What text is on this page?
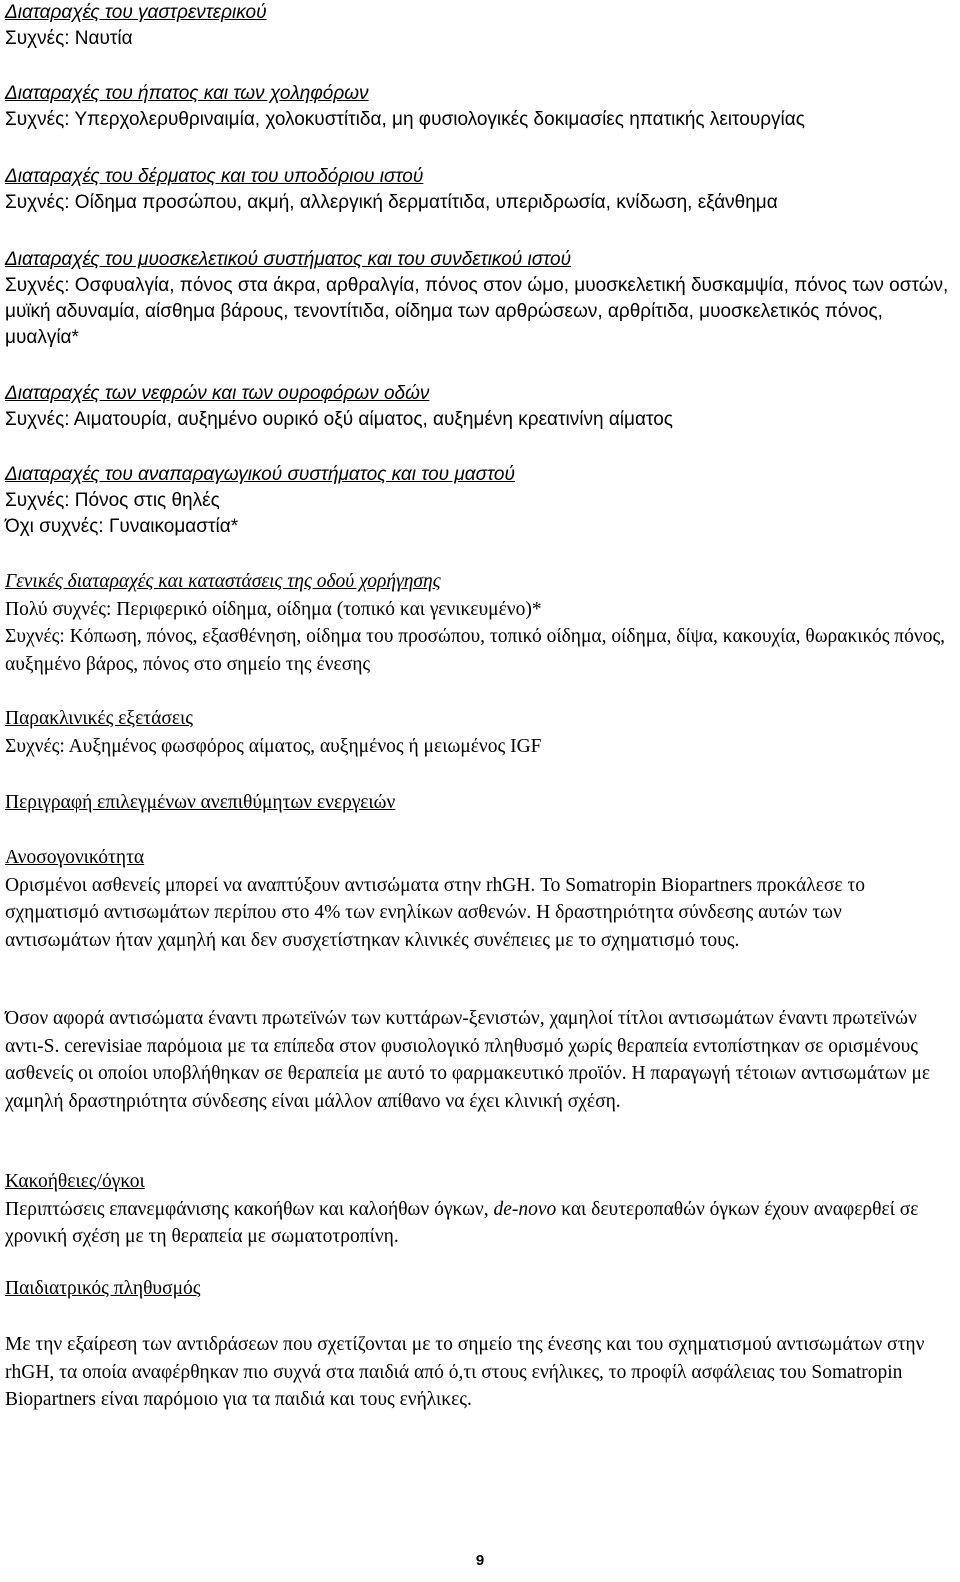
Διαταραχές του γαστρεντερικού
Συχνές: Ναυτία
Διαταραχές του ήπατος και των χοληφόρων
Συχνές: Υπερχολερυθριναιμία, χολοκυστίτιδα, μη φυσιολογικές δοκιμασίες ηπατικής λειτουργίας
Διαταραχές του δέρματος και του υποδόριου ιστού
Συχνές: Οίδημα προσώπου, ακμή, αλλεργική δερματίτιδα, υπεριδρωσία, κνίδωση, εξάνθημα
Διαταραχές του μυοσκελετικού συστήματος και του συνδετικού ιστού
Συχνές: Οσφυαλγία, πόνος στα άκρα, αρθραλγία, πόνος στον ώμο, μυοσκελετική δυσκαμψία, πόνος των οστών, μυϊκή αδυναμία, αίσθημα βάρους, τενοντίτιδα, οίδημα των αρθρώσεων, αρθρίτιδα, μυοσκελετικός πόνος, μυαλγία*
Διαταραχές των νεφρών και των ουροφόρων οδών
Συχνές: Αιματουρία, αυξημένο ουρικό οξύ αίματος, αυξημένη κρεατινίνη αίματος
Διαταραχές του αναπαραγωγικού συστήματος και του μαστού
Συχνές: Πόνος στις θηλές
Όχι συχνές: Γυναικομαστία*
Γενικές διαταραχές και καταστάσεις της οδού χορήγησης
Πολύ συχνές: Περιφερικό οίδημα, οίδημα (τοπικό και γενικευμένο)*
Συχνές: Κόπωση, πόνος, εξασθένηση, οίδημα του προσώπου, τοπικό οίδημα, οίδημα, δίψα, κακουχία, θωρακικός πόνος, αυξημένο βάρος, πόνος στο σημείο της ένεσης
Παρακλινικές εξετάσεις
Συχνές: Αυξημένος φωσφόρος αίματος, αυξημένος ή μειωμένος IGF
Περιγραφή επιλεγμένων ανεπιθύμητων ενεργειών
Ανοσογονικότητα
Ορισμένοι ασθενείς μπορεί να αναπτύξουν αντισώματα στην rhGH. Το Somatropin Biopartners προκάλεσε το σχηματισμό αντισωμάτων περίπου στο 4% των ενηλίκων ασθενών. Η δραστηριότητα σύνδεσης αυτών των αντισωμάτων ήταν χαμηλή και δεν συσχετίστηκαν κλινικές συνέπειες με το σχηματισμό τους.
Όσον αφορά αντισώματα έναντι πρωτεϊνών των κυττάρων-ξενιστών, χαμηλοί τίτλοι αντισωμάτων έναντι πρωτεϊνών αντι-S. cerevisiae παρόμοια με τα επίπεδα στον φυσιολογικό πληθυσμό χωρίς θεραπεία εντοπίστηκαν σε ορισμένους ασθενείς οι οποίοι υποβλήθηκαν σε θεραπεία με αυτό το φαρμακευτικό προϊόν. Η παραγωγή τέτοιων αντισωμάτων με χαμηλή δραστηριότητα σύνδεσης είναι μάλλον απίθανο να έχει κλινική σχέση.
Κακοήθειες/όγκοι
Περιπτώσεις επανεμφάνισης κακοήθων και καλοήθων όγκων, de-novo και δευτεροπαθών όγκων έχουν αναφερθεί σε χρονική σχέση με τη θεραπεία με σωματοτροπίνη.
Παιδιατρικός πληθυσμός
Με την εξαίρεση των αντιδράσεων που σχετίζονται με το σημείο της ένεσης και του σχηματισμού αντισωμάτων στην rhGH, τα οποία αναφέρθηκαν πιο συχνά στα παιδιά από ό,τι στους ενήλικες, το προφίλ ασφάλειας του Somatropin Biopartners είναι παρόμοιο για τα παιδιά και τους ενήλικες.
9
